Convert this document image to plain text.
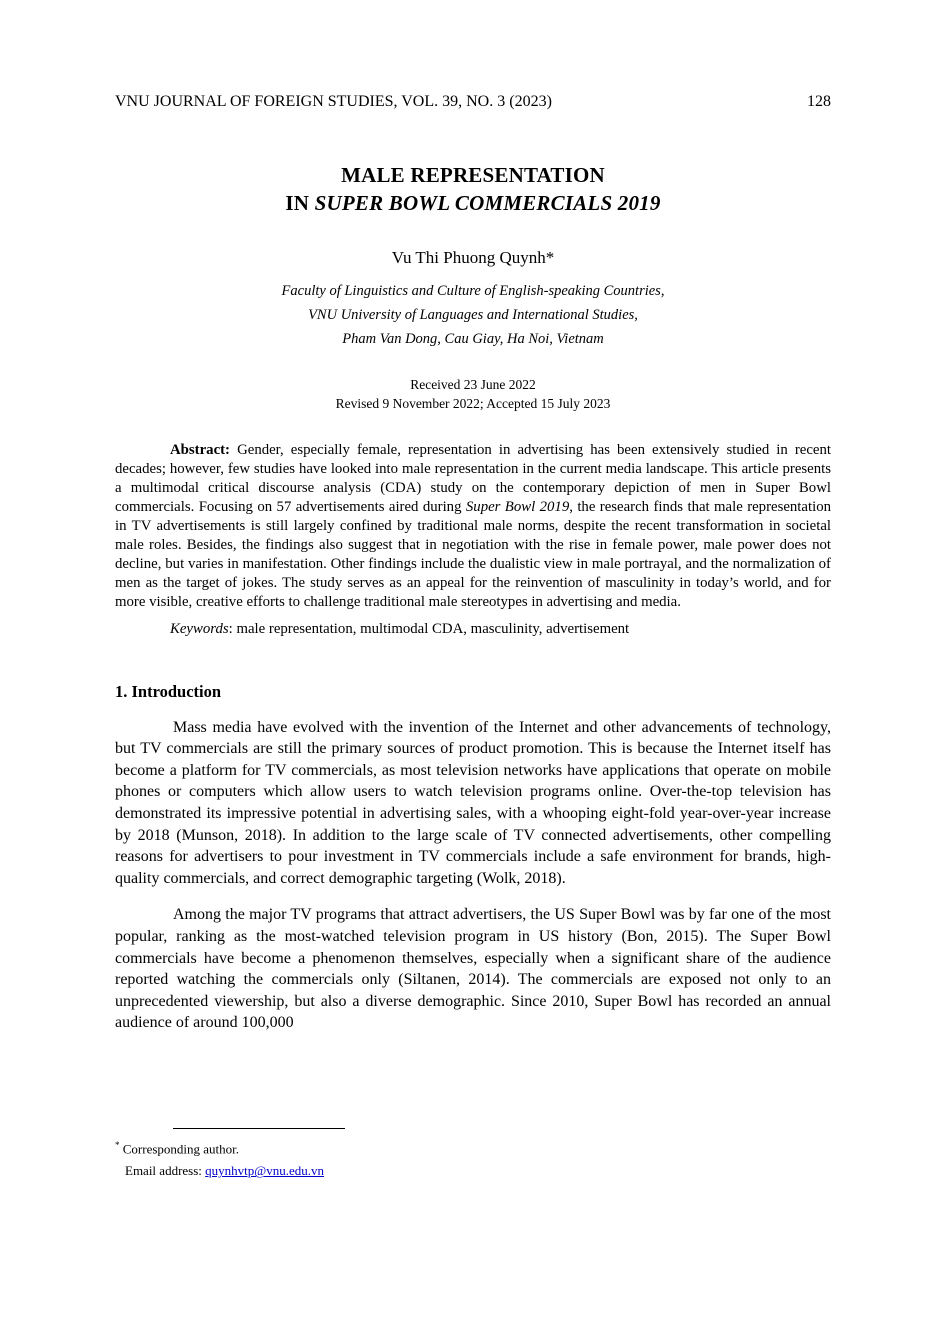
VNU JOURNAL OF FOREIGN STUDIES, VOL. 39, NO. 3 (2023)	128
MALE REPRESENTATION
IN SUPER BOWL COMMERCIALS 2019
Vu Thi Phuong Quynh*
Faculty of Linguistics and Culture of English-speaking Countries,
VNU University of Languages and International Studies,
Pham Van Dong, Cau Giay, Ha Noi, Vietnam
Received 23 June 2022
Revised 9 November 2022; Accepted 15 July 2023

Abstract: Gender, especially female, representation in advertising has been extensively studied in recent decades; however, few studies have looked into male representation in the current media landscape. This article presents a multimodal critical discourse analysis (CDA) study on the contemporary depiction of men in Super Bowl commercials. Focusing on 57 advertisements aired during Super Bowl 2019, the research finds that male representation in TV advertisements is still largely confined by traditional male norms, despite the recent transformation in societal male roles. Besides, the findings also suggest that in negotiation with the rise in female power, male power does not decline, but varies in manifestation. Other findings include the dualistic view in male portrayal, and the normalization of men as the target of jokes. The study serves as an appeal for the reinvention of masculinity in today’s world, and for more visible, creative efforts to challenge traditional male stereotypes in advertising and media.

Keywords: male representation, multimodal CDA, masculinity, advertisement

1. Introduction

Mass media have evolved with the invention of the Internet and other advancements of technology, but TV commercials are still the primary sources of product promotion. This is because the Internet itself has become a platform for TV commercials, as most television networks have applications that operate on mobile phones or computers which allow users to watch television programs online. Over-the-top television has demonstrated its impressive potential in advertising sales, with a whooping eight-fold year-over-year increase by 2018 (Munson, 2018). In addition to the large scale of TV connected advertisements, other compelling reasons for advertisers to pour investment in TV commercials include a safe environment for brands, high-quality commercials, and correct demographic targeting (Wolk, 2018).

Among the major TV programs that attract advertisers, the US Super Bowl was by far one of the most popular, ranking as the most-watched television program in US history (Bon, 2015). The Super Bowl commercials have become a phenomenon themselves, especially when a significant share of the audience reported watching the commercials only (Siltanen, 2014). The commercials are exposed not only to an unprecedented viewership, but also a diverse demographic. Since 2010, Super Bowl has recorded an annual audience of around 100,000

* Corresponding author.

Email address: quynhvtp@vnu.edu.vn
